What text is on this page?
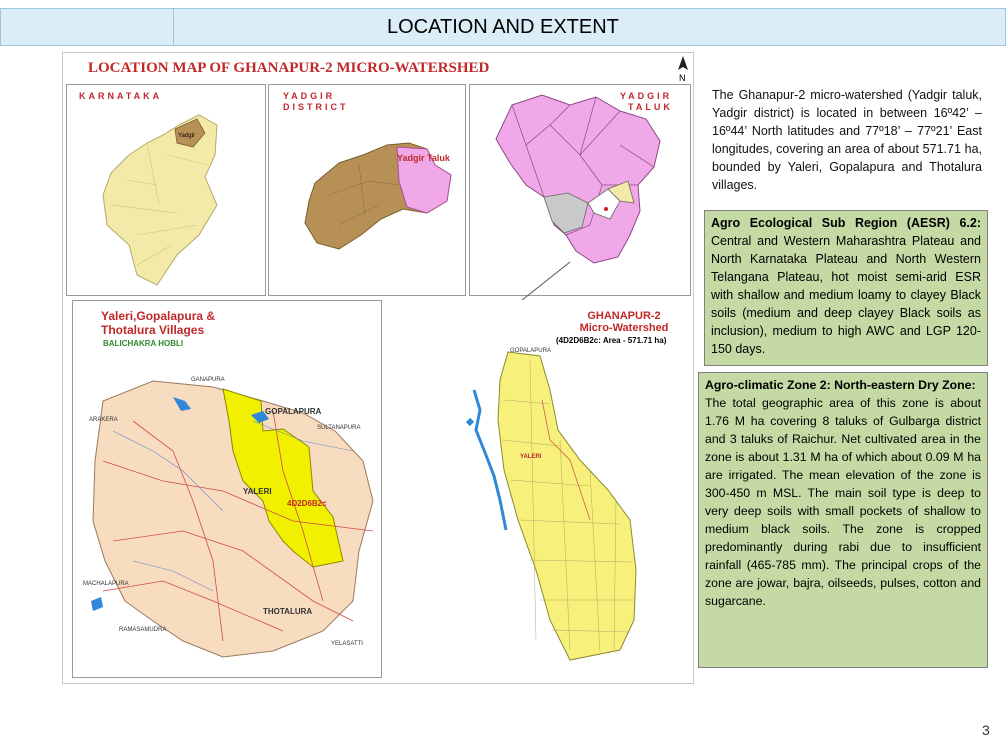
LOCATION AND EXTENT
LOCATION MAP OF GHANAPUR-2 MICRO-WATERSHED
N
KARNATAKA
Yadgir
YADGIR
DISTRICT
Yadgir Taluk
YADGIR
TALUK
Yaleri,Gopalapura &
Thotalura Villages
BALICHAKRA HOBLI
GANAPURA
GOPALAPURA
SULTANAPURA
ARAKERA
YALERI
4D2D6B2c
MACHALAPURA
THOTALURA
RAMASAMUDRA
YELASATTI
GHANAPUR-2
Micro-Watershed
(4D2D6B2c: Area - 571.71 ha)
GOPALAPURA
YALERI
The Ghanapur-2 micro-watershed (Yadgir taluk, Yadgir district) is located in between 16º42’ – 16º44’ North latitudes and 77º18’ – 77º21’ East longitudes, covering an area of about 571.71 ha, bounded by Yaleri, Gopalapura and Thotalura villages.
Agro Ecological Sub Region (AESR) 6.2: Central and Western Maharashtra Plateau and North Karnataka Plateau and North Western Telangana Plateau, hot moist semi-arid ESR with shallow and medium loamy to clayey Black soils (medium and deep clayey Black soils as inclusion), medium to high AWC and LGP 120-150 days.
Agro-climatic Zone 2: North-eastern Dry Zone:
The total geographic area of this zone is about 1.76 M ha covering 8 taluks of Gulbarga district and 3 taluks of Raichur. Net cultivated area in the zone is about 1.31 M ha of which about 0.09 M ha are irrigated. The mean elevation of the zone is 300-450 m MSL. The main soil type is deep to very deep soils with small pockets of shallow to medium black soils. The zone is cropped predominantly during rabi due to insufficient rainfall (465-785 mm). The principal crops of the zone are jowar, bajra, oilseeds, pulses, cotton and sugarcane.
3
